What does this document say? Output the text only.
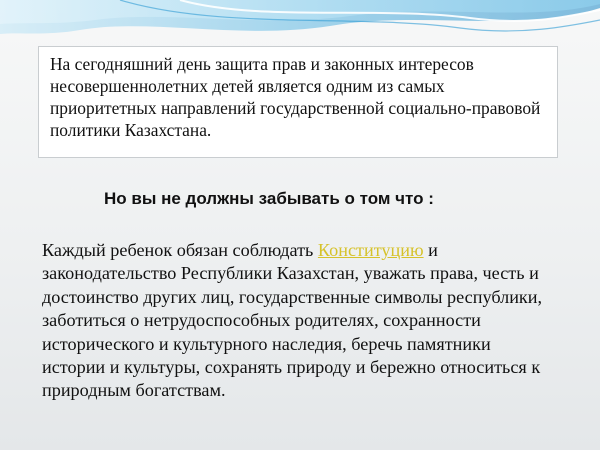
На сегодняшний день защита прав и законных интересов несовершеннолетних детей является одним из самых приоритетных направлений государственной социально-правовой политики Казахстана.

Но вы не должны забывать о том что :

Каждый ребенок обязан соблюдать Конституцию и законодательство Республики Казахстан, уважать права, честь и достоинство других лиц, государственные символы республики, заботиться о нетрудоспособных родителях, сохранности исторического и культурного наследия, беречь памятники истории и культуры, сохранять природу и бережно относиться к природным богатствам.
